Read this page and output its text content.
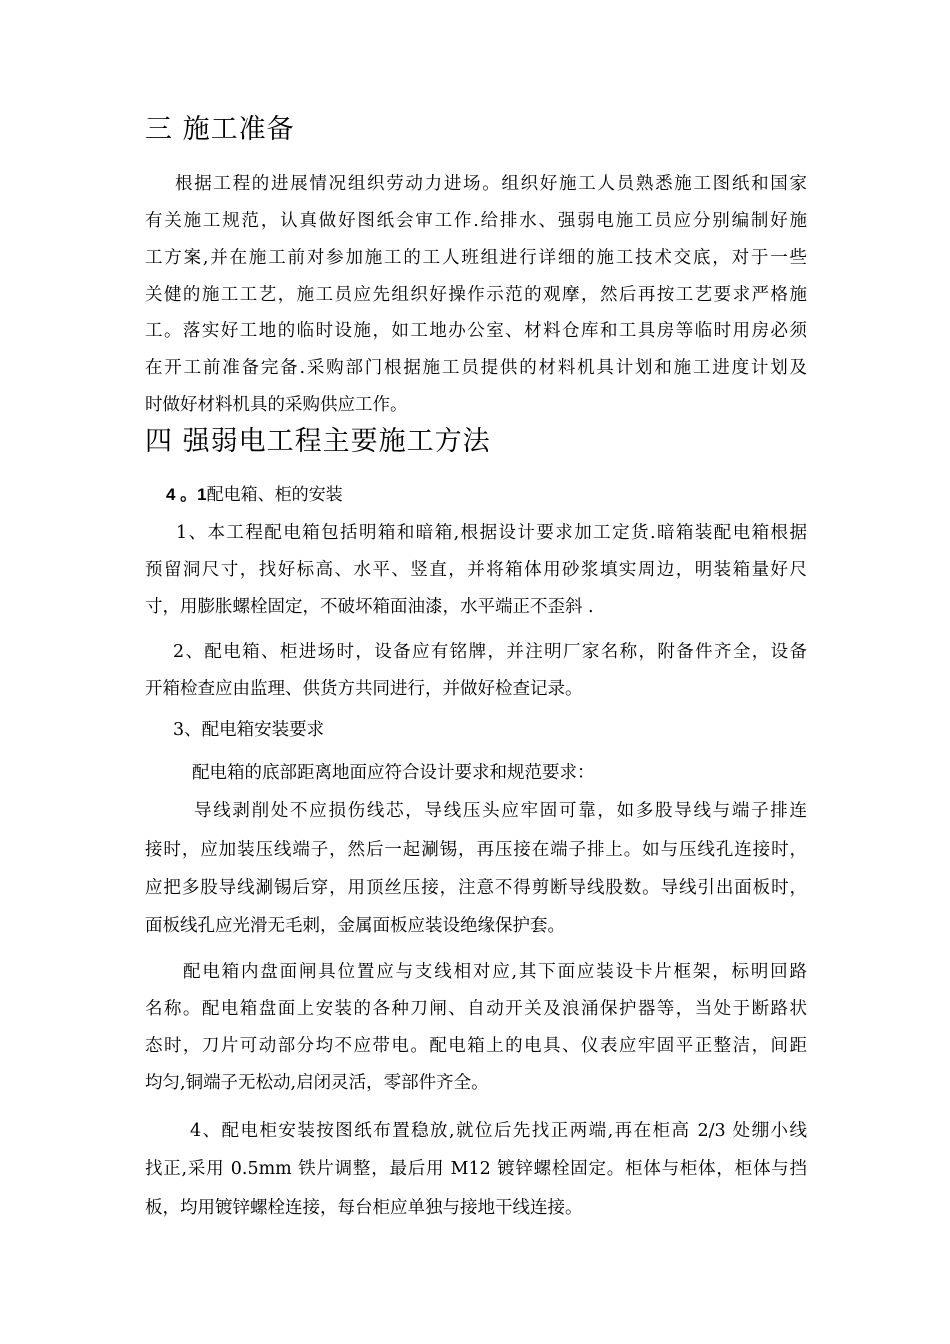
三 施工准备
根据工程的进展情况组织劳动力进场。组织好施工人员熟悉施工图纸和国家
有关施工规范，认真做好图纸会审工作.给排水、强弱电施工员应分别编制好施
工方案,并在施工前对参加施工的工人班组进行详细的施工技术交底，对于一些
关健的施工工艺，施工员应先组织好操作示范的观摩，然后再按工艺要求严格施
工。落实好工地的临时设施，如工地办公室、材料仓库和工具房等临时用房必须
在开工前准备完备.采购部门根据施工员提供的材料机具计划和施工进度计划及
时做好材料机具的采购供应工作。
四 强弱电工程主要施工方法
4 。1配电箱、柜的安装
1、本工程配电箱包括明箱和暗箱,根据设计要求加工定货.暗箱装配电箱根据
预留洞尺寸，找好标高、水平、竖直，并将箱体用砂浆填实周边，明装箱量好尺
寸，用膨胀螺栓固定，不破坏箱面油漆，水平端正不歪斜 .
2、配电箱、柜进场时，设备应有铭牌，并注明厂家名称，附备件齐全，设备
开箱检查应由监理、供货方共同进行，并做好检查记录。
3、配电箱安装要求
配电箱的底部距离地面应符合设计要求和规范要求：
导线剥削处不应损伤线芯，导线压头应牢固可靠，如多股导线与端子排连
接时，应加装压线端子，然后一起涮锡，再压接在端子排上。如与压线孔连接时，
应把多股导线涮锡后穿，用顶丝压接，注意不得剪断导线股数。导线引出面板时，
面板线孔应光滑无毛刺，金属面板应装设绝缘保护套。
配电箱内盘面闸具位置应与支线相对应,其下面应装设卡片框架，标明回路
名称。配电箱盘面上安装的各种刀闸、自动开关及浪涌保护器等，当处于断路状
态时，刀片可动部分均不应带电。配电箱上的电具、仪表应牢固平正整洁，间距
均匀,铜端子无松动,启闭灵活，零部件齐全。
4、配电柜安装按图纸布置稳放,就位后先找正两端,再在柜高 2/3 处绷小线
找正,采用 0.5mm 铁片调整，最后用 M12 镀锌螺栓固定。柜体与柜体，柜体与挡
板，均用镀锌螺栓连接，每台柜应单独与接地干线连接。
